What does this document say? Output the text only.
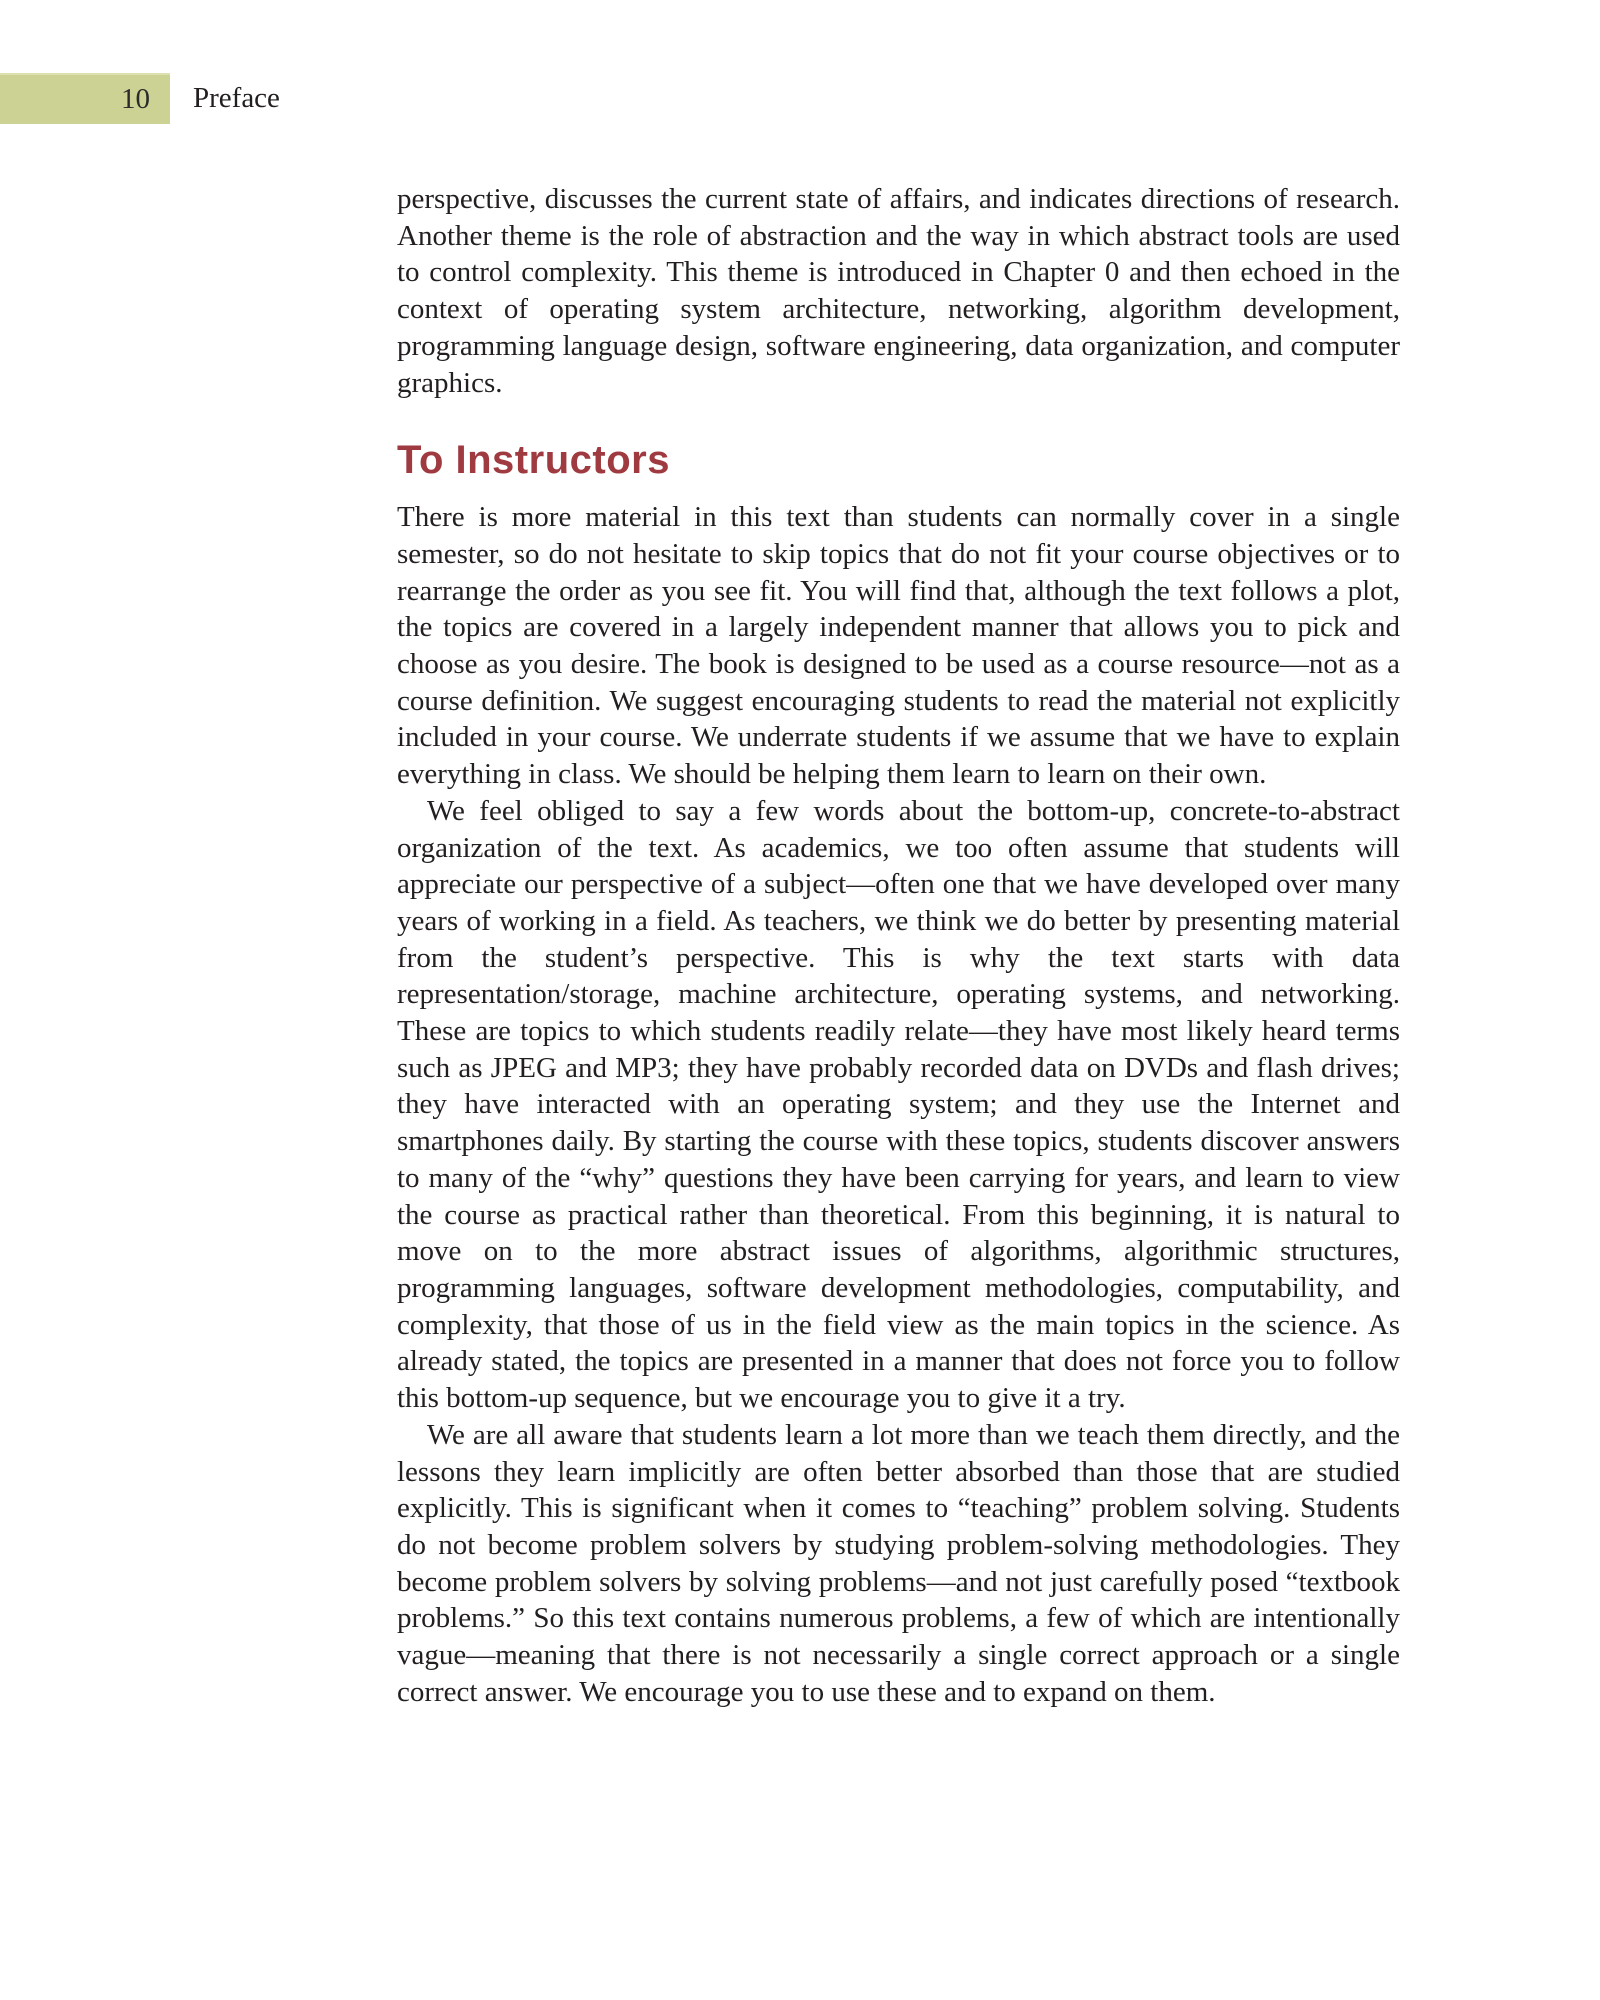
10 Preface

perspective, discusses the current state of affairs, and indicates directions of research. Another theme is the role of abstraction and the way in which abstract tools are used to control complexity. This theme is introduced in Chapter 0 and then echoed in the context of operating system architecture, networking, algorithm development, programming language design, software engineering, data organization, and computer graphics.

To Instructors

There is more material in this text than students can normally cover in a single semester, so do not hesitate to skip topics that do not fit your course objectives or to rearrange the order as you see fit. You will find that, although the text follows a plot, the topics are covered in a largely independent manner that allows you to pick and choose as you desire. The book is designed to be used as a course resource—not as a course definition. We suggest encouraging students to read the material not explicitly included in your course. We underrate students if we assume that we have to explain everything in class. We should be helping them learn to learn on their own.

We feel obliged to say a few words about the bottom-up, concrete-to-abstract organization of the text. As academics, we too often assume that students will appreciate our perspective of a subject—often one that we have developed over many years of working in a field. As teachers, we think we do better by presenting material from the student’s perspective. This is why the text starts with data representation/storage, machine architecture, operating systems, and networking. These are topics to which students readily relate—they have most likely heard terms such as JPEG and MP3; they have probably recorded data on DVDs and flash drives; they have interacted with an operating system; and they use the Internet and smartphones daily. By starting the course with these topics, students discover answers to many of the “why” questions they have been carrying for years, and learn to view the course as practical rather than theoretical. From this beginning, it is natural to move on to the more abstract issues of algorithms, algorithmic structures, programming languages, software development methodologies, computability, and complexity, that those of us in the field view as the main topics in the science. As already stated, the topics are presented in a manner that does not force you to follow this bottom-up sequence, but we encourage you to give it a try.

We are all aware that students learn a lot more than we teach them directly, and the lessons they learn implicitly are often better absorbed than those that are studied explicitly. This is significant when it comes to “teaching” problem solving. Students do not become problem solvers by studying problem-solving methodologies. They become problem solvers by solving problems—and not just carefully posed “textbook problems.” So this text contains numerous problems, a few of which are intentionally vague—meaning that there is not necessarily a single correct approach or a single correct answer. We encourage you to use these and to expand on them.
